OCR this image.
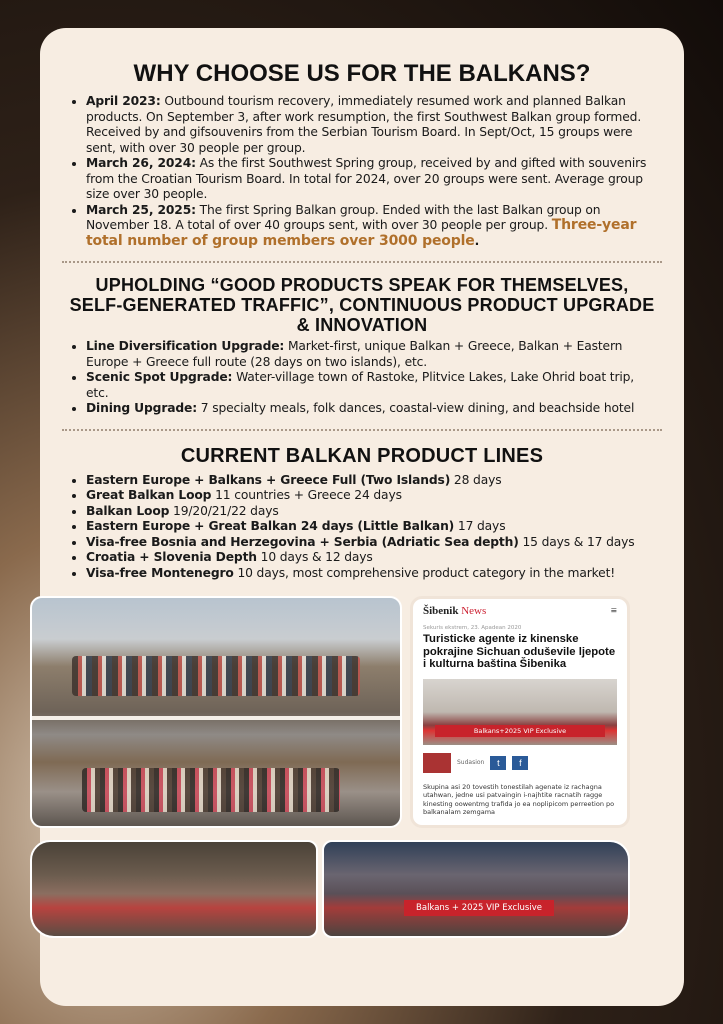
WHY CHOOSE US FOR THE BALKANS?
• April 2023: Outbound tourism recovery, immediately resumed work and planned Balkan products. On September 3, after work resumption, the first Southwest Balkan group formed. Received by and gifsouvenirs from the Serbian Tourism Board. In Sept/Oct, 15 groups were sent, with over 30 people per group.
• March 26, 2024: As the first Southwest Spring group, received by and gifted with souvenirs from the Croatian Tourism Board. In total for 2024, over 20 groups were sent. Average group size over 30 people.
• March 25, 2025: The first Spring Balkan group. Ended with the last Balkan group on November 18. A total of over 40 groups sent, with over 30 people per group. Three-year total number of group members over 3000 people.
UPHOLDING “GOOD PRODUCTS SPEAK FOR THEMSELVES, SELF-GENERATED TRAFFIC”, CONTINUOUS PRODUCT UPGRADE & INNOVATION
• Line Diversification Upgrade: Market-first, unique Balkan + Greece, Balkan + Eastern Europe + Greece full route (28 days on two islands), etc.
• Scenic Spot Upgrade: Water-village town of Rastoke, Plitvice Lakes, Lake Ohrid boat trip, etc.
• Dining Upgrade: 7 specialty meals, folk dances, coastal-view dining, and beachside hotel
CURRENT BALKAN PRODUCT LINES
• Eastern Europe + Balkans + Greece Full (Two Islands) 28 days
• Great Balkan Loop 11 countries + Greece 24 days
• Balkan Loop 19/20/21/22 days
• Eastern Europe + Great Balkan 24 days (Little Balkan) 17 days
• Visa-free Bosnia and Herzegovina + Serbia (Adriatic Sea depth) 15 days & 17 days
• Croatia + Slovenia Depth 10 days & 12 days
• Visa-free Montenegro 10 days, most comprehensive product category in the market!
Šibenik News	≡
Sekuris ekstrem, 23. Apadean 2020
Turisticke agente iz kinenske pokrajine Sichuan oduševile ljepote i kulturna baština Šibenika
Balkans+2025 VIP Exclusive
Sudasion	t	f
Skupina asi 20 tovestih tonestilah agenate iz rachagna utahwan, jedne usi patvaingin i-najhtite racnatih ragge kinesting oowentmg trafida jo ea noplipicom perreetion po balkanalam zemgama
Balkans + 2025 VIP Exclusive
